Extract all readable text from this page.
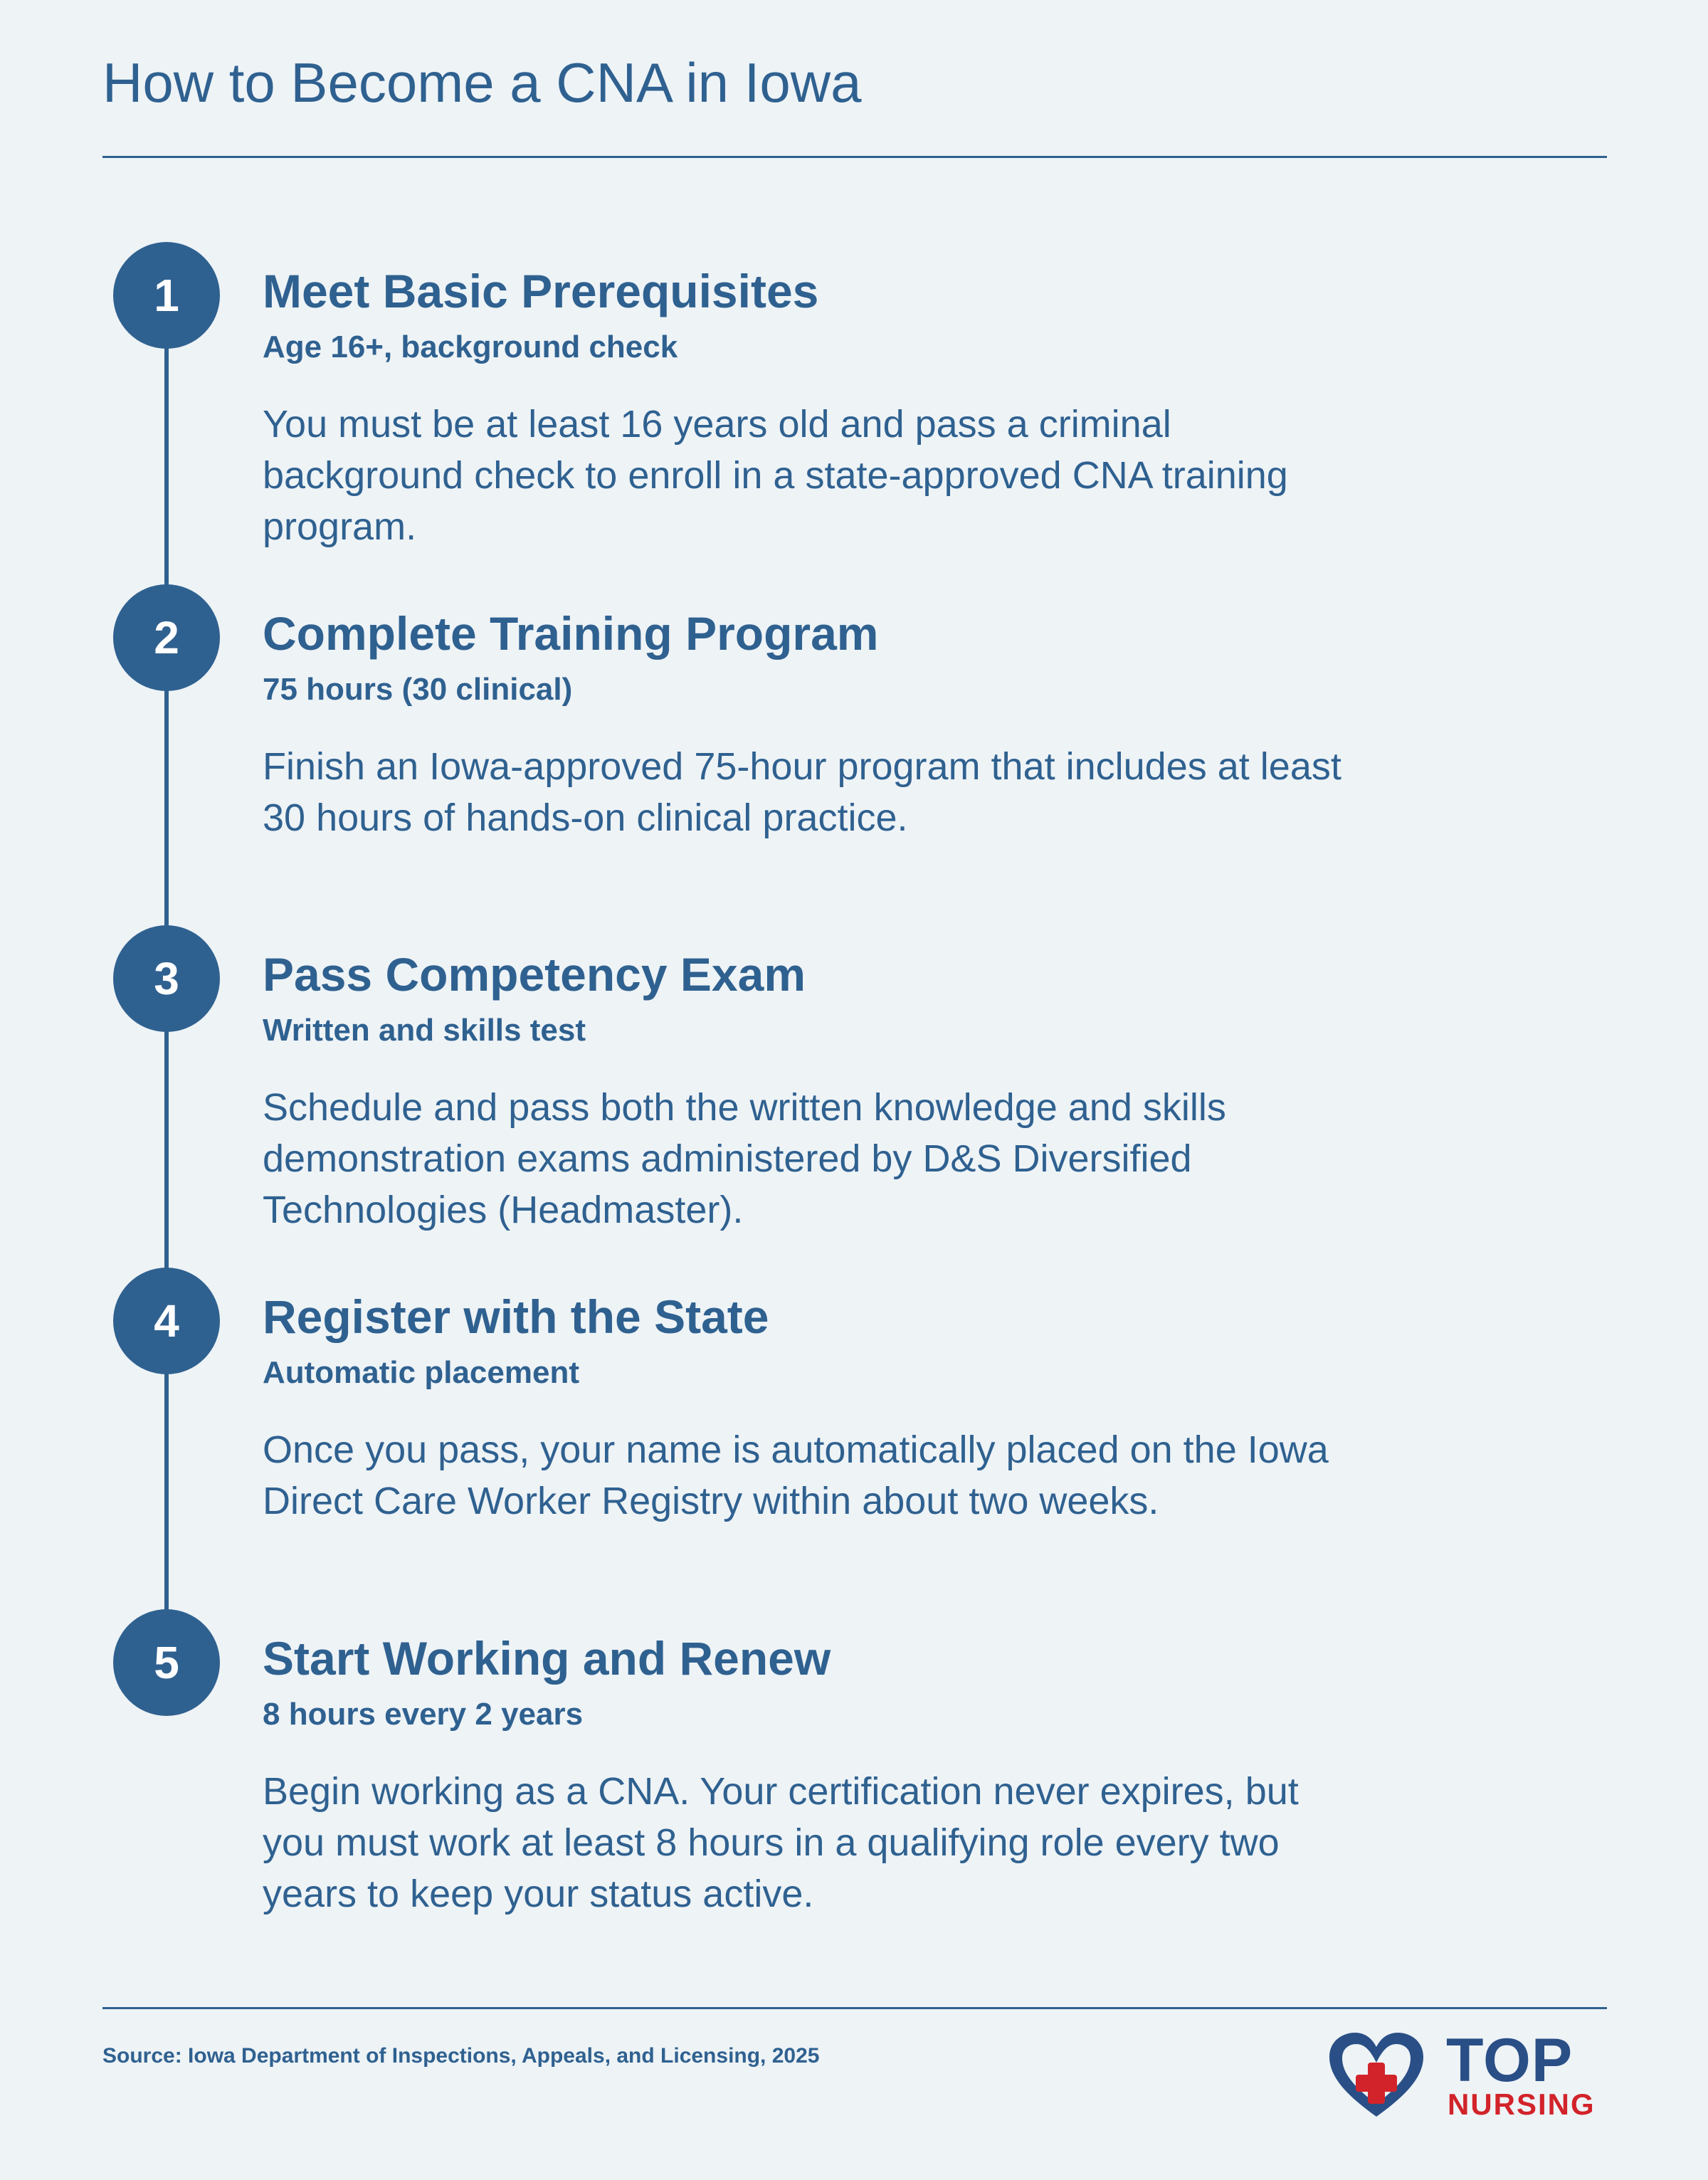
How to Become a CNA in Iowa
1	Meet Basic Prerequisites
Age 16+, background check
You must be at least 16 years old and pass a criminal background check to enroll in a state-approved CNA training program.
2	Complete Training Program
75 hours (30 clinical)
Finish an Iowa-approved 75-hour program that includes at least 30 hours of hands-on clinical practice.
3	Pass Competency Exam
Written and skills test
Schedule and pass both the written knowledge and skills demonstration exams administered by D&S Diversified Technologies (Headmaster).
4	Register with the State
Automatic placement
Once you pass, your name is automatically placed on the Iowa Direct Care Worker Registry within about two weeks.
5	Start Working and Renew
8 hours every 2 years
Begin working as a CNA. Your certification never expires, but you must work at least 8 hours in a qualifying role every two years to keep your status active.
Source: Iowa Department of Inspections, Appeals, and Licensing, 2025	TOP
NURSING
